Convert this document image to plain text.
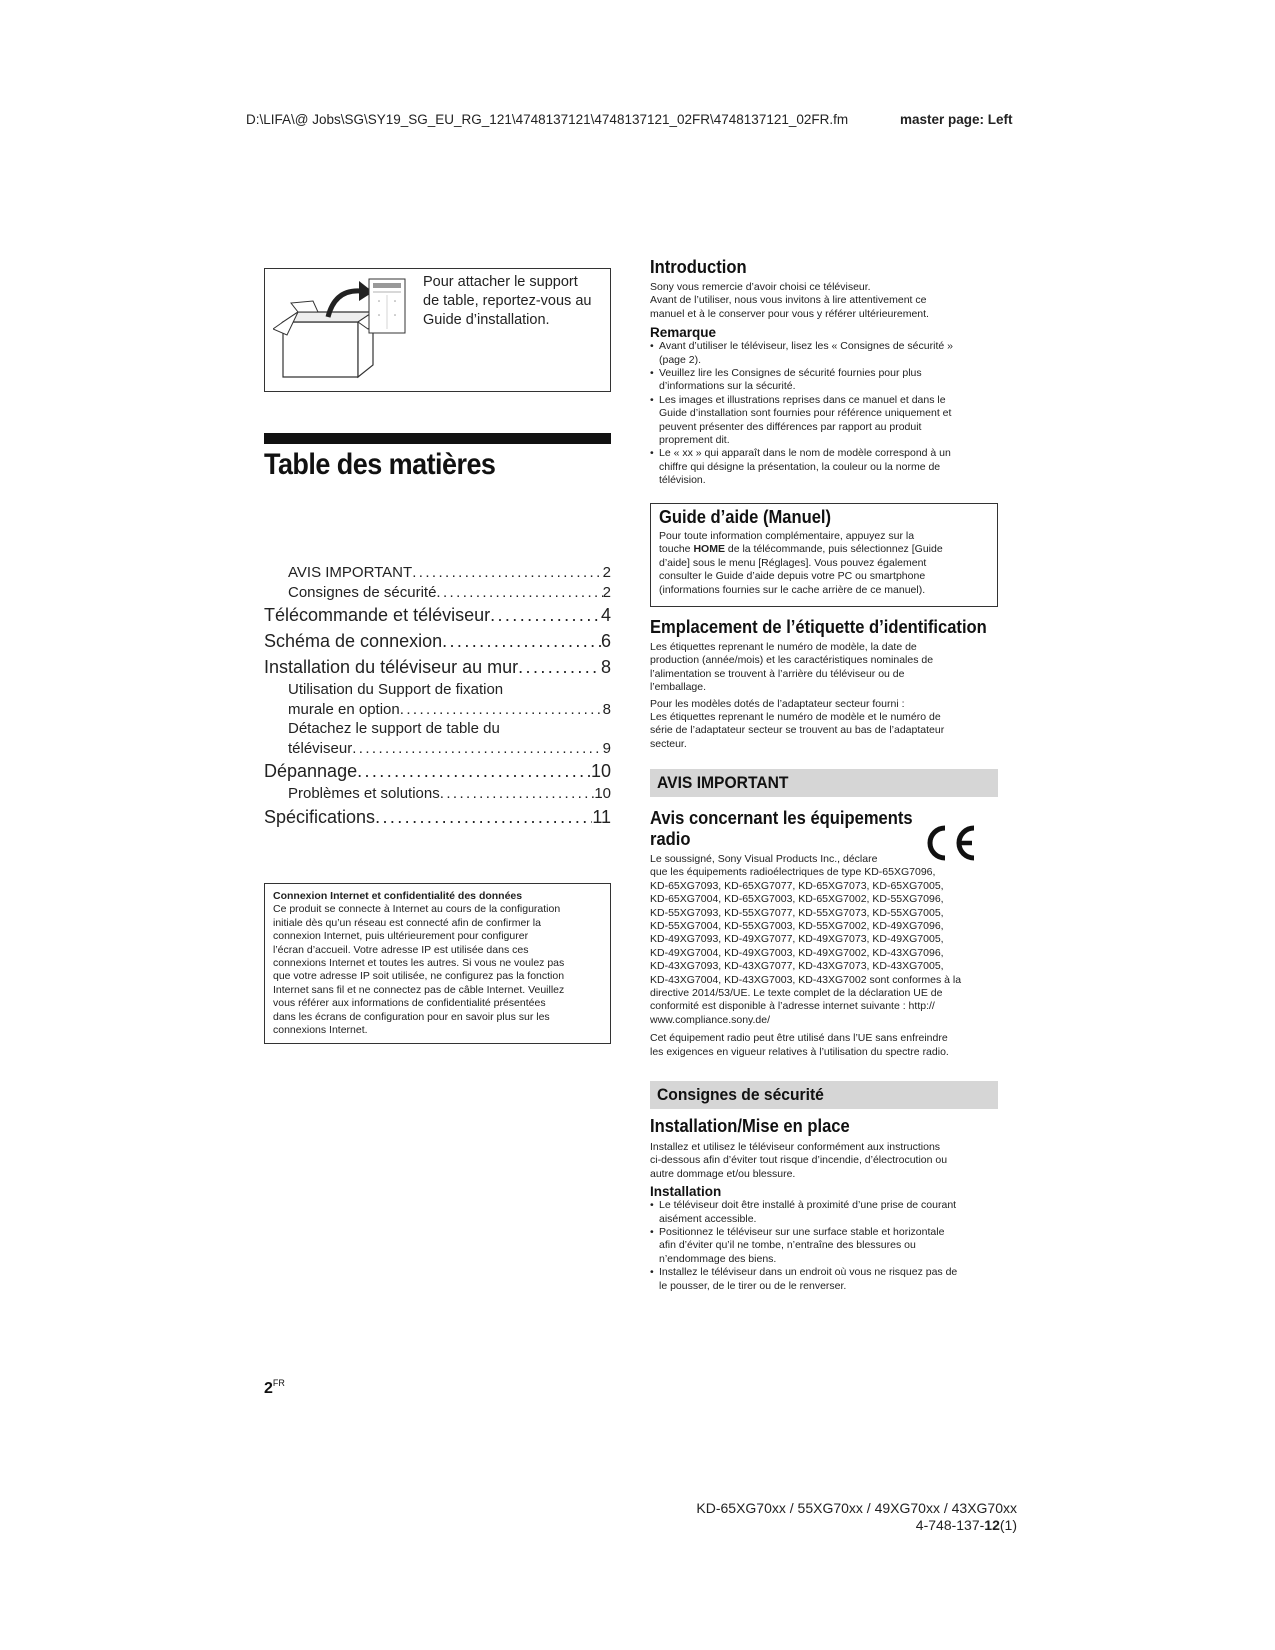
D:\LIFA\@ Jobs\SG\SY19_SG_EU_RG_121\4748137121\4748137121_02FR\4748137121_02FR.fm	master page: Left
Pour attacher le support
de table, reportez-vous au
Guide d’installation.
Table des matières
AVIS IMPORTANT .....	2
Consignes de sécurité .....	2
Télécommande et téléviseur .....	4
Schéma de connexion .....	6
Installation du téléviseur au mur .....	8
Utilisation du Support de fixation
murale en option .....	8
Détachez le support de table du
téléviseur .....	9
Dépannage .....	10
Problèmes et solutions .....	10
Spécifications .....	11
Connexion Internet et confidentialité des données
Ce produit se connecte à Internet au cours de la configuration
initiale dès qu’un réseau est connecté afin de confirmer la
connexion Internet, puis ultérieurement pour configurer
l’écran d’accueil. Votre adresse IP est utilisée dans ces
connexions Internet et toutes les autres. Si vous ne voulez pas
que votre adresse IP soit utilisée, ne configurez pas la fonction
Internet sans fil et ne connectez pas de câble Internet. Veuillez
vous référer aux informations de confidentialité présentées
dans les écrans de configuration pour en savoir plus sur les
connexions Internet.
$2^{FR}$
KD-65XG70xx / 55XG70xx / 49XG70xx / 43XG70xx
4-748-137-12(1)
Introduction
Sony vous remercie d’avoir choisi ce téléviseur.
Avant de l’utiliser, nous vous invitons à lire attentivement ce
manuel et à le conserver pour vous y référer ultérieurement.
Remarque
• Avant d’utiliser le téléviseur, lisez les « Consignes de sécurité »
(page 2).
• Veuillez lire les Consignes de sécurité fournies pour plus
d’informations sur la sécurité.
• Les images et illustrations reprises dans ce manuel et dans le
Guide d’installation sont fournies pour référence uniquement et
peuvent présenter des différences par rapport au produit
proprement dit.
• Le « xx » qui apparaît dans le nom de modèle correspond à un
chiffre qui désigne la présentation, la couleur ou la norme de
télévision.
Guide d’aide (Manuel)
Pour toute information complémentaire, appuyez sur la
touche HOME de la télécommande, puis sélectionnez [Guide
d’aide] sous le menu [Réglages]. Vous pouvez également
consulter le Guide d’aide depuis votre PC ou smartphone
(informations fournies sur le cache arrière de ce manuel).
Emplacement de l’étiquette d’identification
Les étiquettes reprenant le numéro de modèle, la date de
production (année/mois) et les caractéristiques nominales de
l’alimentation se trouvent à l’arrière du téléviseur ou de
l’emballage.
Pour les modèles dotés de l’adaptateur secteur fourni :
Les étiquettes reprenant le numéro de modèle et le numéro de
série de l’adaptateur secteur se trouvent au bas de l’adaptateur
secteur.
AVIS IMPORTANT
Avis concernant les équipements
radio
Le soussigné, Sony Visual Products Inc., déclare
que les équipements radioélectriques de type KD-65XG7096,
KD-65XG7093, KD-65XG7077, KD-65XG7073, KD-65XG7005,
KD-65XG7004, KD-65XG7003, KD-65XG7002, KD-55XG7096,
KD-55XG7093, KD-55XG7077, KD-55XG7073, KD-55XG7005,
KD-55XG7004, KD-55XG7003, KD-55XG7002, KD-49XG7096,
KD-49XG7093, KD-49XG7077, KD-49XG7073, KD-49XG7005,
KD-49XG7004, KD-49XG7003, KD-49XG7002, KD-43XG7096,
KD-43XG7093, KD-43XG7077, KD-43XG7073, KD-43XG7005,
KD-43XG7004, KD-43XG7003, KD-43XG7002 sont conformes à la
directive 2014/53/UE. Le texte complet de la déclaration UE de
conformité est disponible à l’adresse internet suivante : http://
www.compliance.sony.de/
Cet équipement radio peut être utilisé dans l’UE sans enfreindre
les exigences en vigueur relatives à l’utilisation du spectre radio.
Consignes de sécurité
Installation/Mise en place
Installez et utilisez le téléviseur conformément aux instructions
ci-dessous afin d’éviter tout risque d’incendie, d’électrocution ou
autre dommage et/ou blessure.
Installation
• Le téléviseur doit être installé à proximité d’une prise de courant
aisément accessible.
• Positionnez le téléviseur sur une surface stable et horizontale
afin d’éviter qu’il ne tombe, n’entraîne des blessures ou
n’endommage des biens.
• Installez le téléviseur dans un endroit où vous ne risquez pas de
le pousser, de le tirer ou de le renverser.
